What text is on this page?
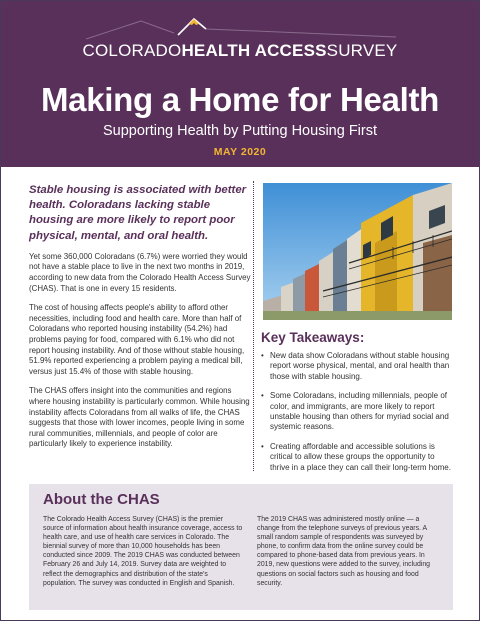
COLORADOHEALTH ACCESSSURVEY
Making a Home for Health
Supporting Health by Putting Housing First
MAY 2020

Stable housing is associated with better health. Coloradans lacking stable housing are more likely to report poor physical, mental, and oral health.

Yet some 360,000 Coloradans (6.7%) were worried they would not have a stable place to live in the next two months in 2019, according to new data from the Colorado Health Access Survey (CHAS). That is one in every 15 residents.

The cost of housing affects people's ability to afford other necessities, including food and health care. More than half of Coloradans who reported housing instability (54.2%) had problems paying for food, compared with 6.1% who did not report housing instability. And of those without stable housing, 51.9% reported experiencing a problem paying a medical bill, versus just 15.4% of those with stable housing.

The CHAS offers insight into the communities and regions where housing instability is particularly common. While housing instability affects Coloradans from all walks of life, the CHAS suggests that those with lower incomes, people living in some rural communities, millennials, and people of color are particularly likely to experience instability.

Key Takeaways:
• New data show Coloradans without stable housing report worse physical, mental, and oral health than those with stable housing.
• Some Coloradans, including millennials, people of color, and immigrants, are more likely to report unstable housing than others for myriad social and systemic reasons.
• Creating affordable and accessible solutions is critical to allow these groups the opportunity to thrive in a place they can call their long-term home.
About the CHAS

The Colorado Health Access Survey (CHAS) is the premier source of information about health insurance coverage, access to health care, and use of health care services in Colorado. The biennial survey of more than 10,000 households has been conducted since 2009. The 2019 CHAS was conducted between February 26 and July 14, 2019. Survey data are weighted to reflect the demographics and distribution of the state's population. The survey was conducted in English and Spanish.

The 2019 CHAS was administered mostly online — a change from the telephone surveys of previous years. A small random sample of respondents was surveyed by phone, to confirm data from the online survey could be compared to phone-based data from previous years. In 2019, new questions were added to the survey, including questions on social factors such as housing and food security.
